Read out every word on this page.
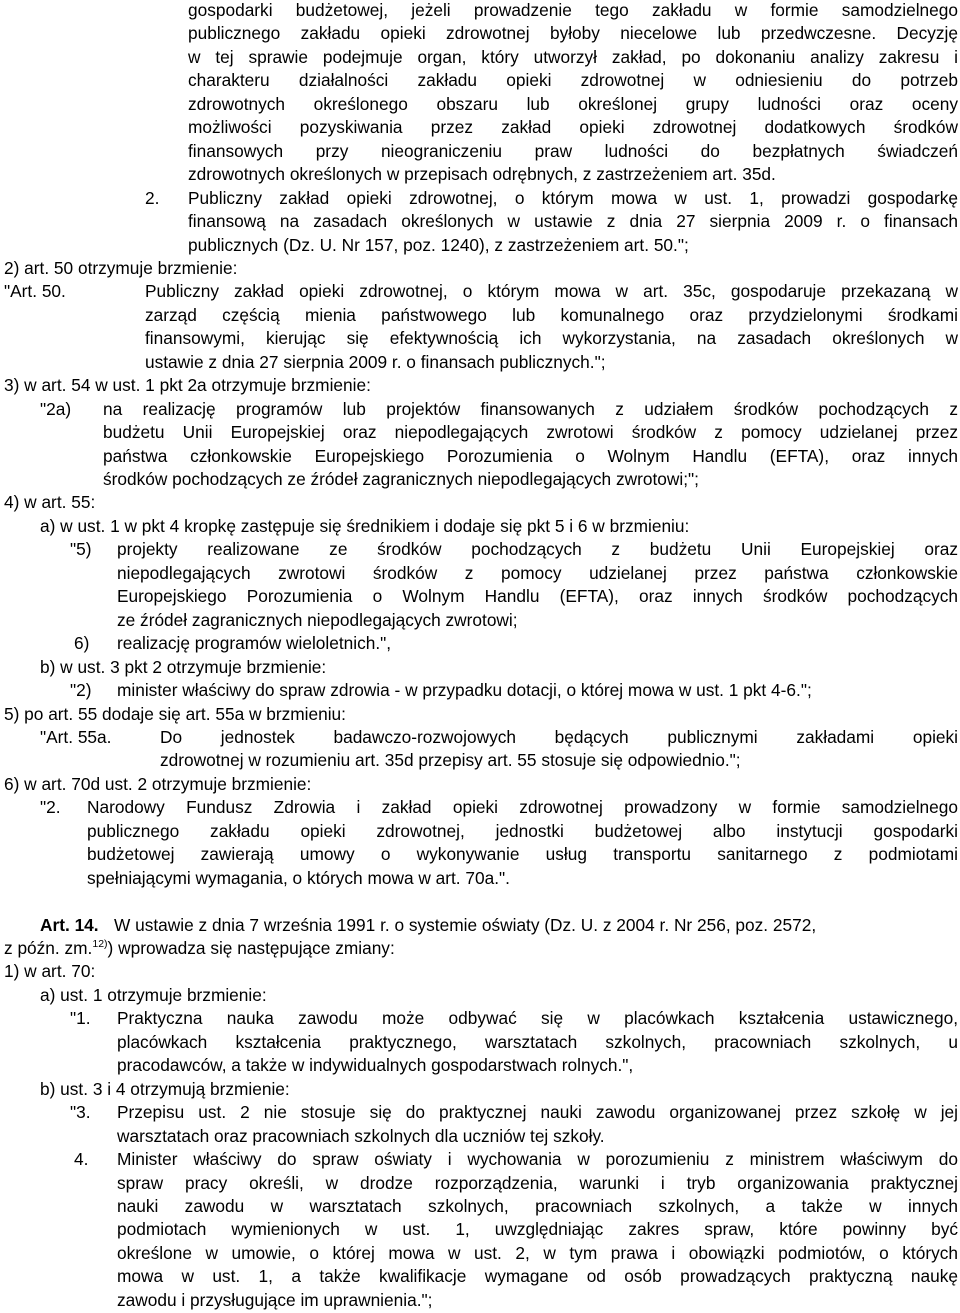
gospodarki budżetowej, jeżeli prowadzenie tego zakładu w formie samodzielnego
publicznego zakładu opieki zdrowotnej byłoby niecelowe lub przedwczesne. Decyzję
w tej sprawie podejmuje organ, który utworzył zakład, po dokonaniu analizy zakresu i
charakteru działalności zakładu opieki zdrowotnej w odniesieniu do potrzeb
zdrowotnych określonego obszaru lub określonej grupy ludności oraz oceny
możliwości pozyskiwania przez zakład opieki zdrowotnej dodatkowych środków
finansowych przy nieograniczeniu praw ludności do bezpłatnych świadczeń
zdrowotnych określonych w przepisach odrębnych, z zastrzeżeniem art. 35d.
2. Publiczny zakład opieki zdrowotnej, o którym mowa w ust. 1, prowadzi gospodarkę
finansową na zasadach określonych w ustawie z dnia 27 sierpnia 2009 r. o finansach
publicznych (Dz. U. Nr 157, poz. 1240), z zastrzeżeniem art. 50.";
2) art. 50 otrzymuje brzmienie:
"Art. 50.	Publiczny zakład opieki zdrowotnej, o którym mowa w art. 35c, gospodaruje przekazaną w
zarząd częścią mienia państwowego lub komunalnego oraz przydzielonymi środkami
finansowymi, kierując się efektywnością ich wykorzystania, na zasadach określonych w
ustawie z dnia 27 sierpnia 2009 r. o finansach publicznych.";
3) w art. 54 w ust. 1 pkt 2a otrzymuje brzmienie:
"2a) na realizację programów lub projektów finansowanych z udziałem środków pochodzących z
budżetu Unii Europejskiej oraz niepodlegających zwrotowi środków z pomocy udzielanej przez
państwa członkowskie Europejskiego Porozumienia o Wolnym Handlu (EFTA), oraz innych
środków pochodzących ze źródeł zagranicznych niepodlegających zwrotowi;";
4) w art. 55:
a) w ust. 1 w pkt 4 kropkę zastępuje się średnikiem i dodaje się pkt 5 i 6 w brzmieniu:
"5) projekty realizowane ze środków pochodzących z budżetu Unii Europejskiej oraz
niepodlegających zwrotowi środków z pomocy udzielanej przez państwa członkowskie
Europejskiego Porozumienia o Wolnym Handlu (EFTA), oraz innych środków pochodzących
ze źródeł zagranicznych niepodlegających zwrotowi;
6) realizację programów wieloletnich.",
b) w ust. 3 pkt 2 otrzymuje brzmienie:
"2) minister właściwy do spraw zdrowia - w przypadku dotacji, o której mowa w ust. 1 pkt 4-6.";
5) po art. 55 dodaje się art. 55a w brzmieniu:
"Art. 55a.	Do jednostek badawczo-rozwojowych będących publicznymi zakładami opieki
zdrowotnej w rozumieniu art. 35d przepisy art. 55 stosuje się odpowiednio.";
6) w art. 70d ust. 2 otrzymuje brzmienie:
"2. Narodowy Fundusz Zdrowia i zakład opieki zdrowotnej prowadzony w formie samodzielnego
publicznego zakładu opieki zdrowotnej, jednostki budżetowej albo instytucji gospodarki
budżetowej zawierają umowy o wykonywanie usług transportu sanitarnego z podmiotami
spełniającymi wymagania, o których mowa w art. 70a.".
Art. 14. W ustawie z dnia 7 września 1991 r. o systemie oświaty (Dz. U. z 2004 r. Nr 256, poz. 2572,
z późn. zm.$^{12)}$) wprowadza się następujące zmiany:
1) w art. 70:
a) ust. 1 otrzymuje brzmienie:
"1. Praktyczna nauka zawodu może odbywać się w placówkach kształcenia ustawicznego,
placówkach kształcenia praktycznego, warsztatach szkolnych, pracowniach szkolnych, u
pracodawców, a także w indywidualnych gospodarstwach rolnych.",
b) ust. 3 i 4 otrzymują brzmienie:
"3. Przepisu ust. 2 nie stosuje się do praktycznej nauki zawodu organizowanej przez szkołę w jej
warsztatach oraz pracowniach szkolnych dla uczniów tej szkoły.
4. Minister właściwy do spraw oświaty i wychowania w porozumieniu z ministrem właściwym do
spraw pracy określi, w drodze rozporządzenia, warunki i tryb organizowania praktycznej
nauki zawodu w warsztatach szkolnych, pracowniach szkolnych, a także w innych
podmiotach wymienionych w ust. 1, uwzględniając zakres spraw, które powinny być
określone w umowie, o której mowa w ust. 2, w tym prawa i obowiązki podmiotów, o których
mowa w ust. 1, a także kwalifikacje wymagane od osób prowadzących praktyczną naukę
zawodu i przysługujące im uprawnienia.";
